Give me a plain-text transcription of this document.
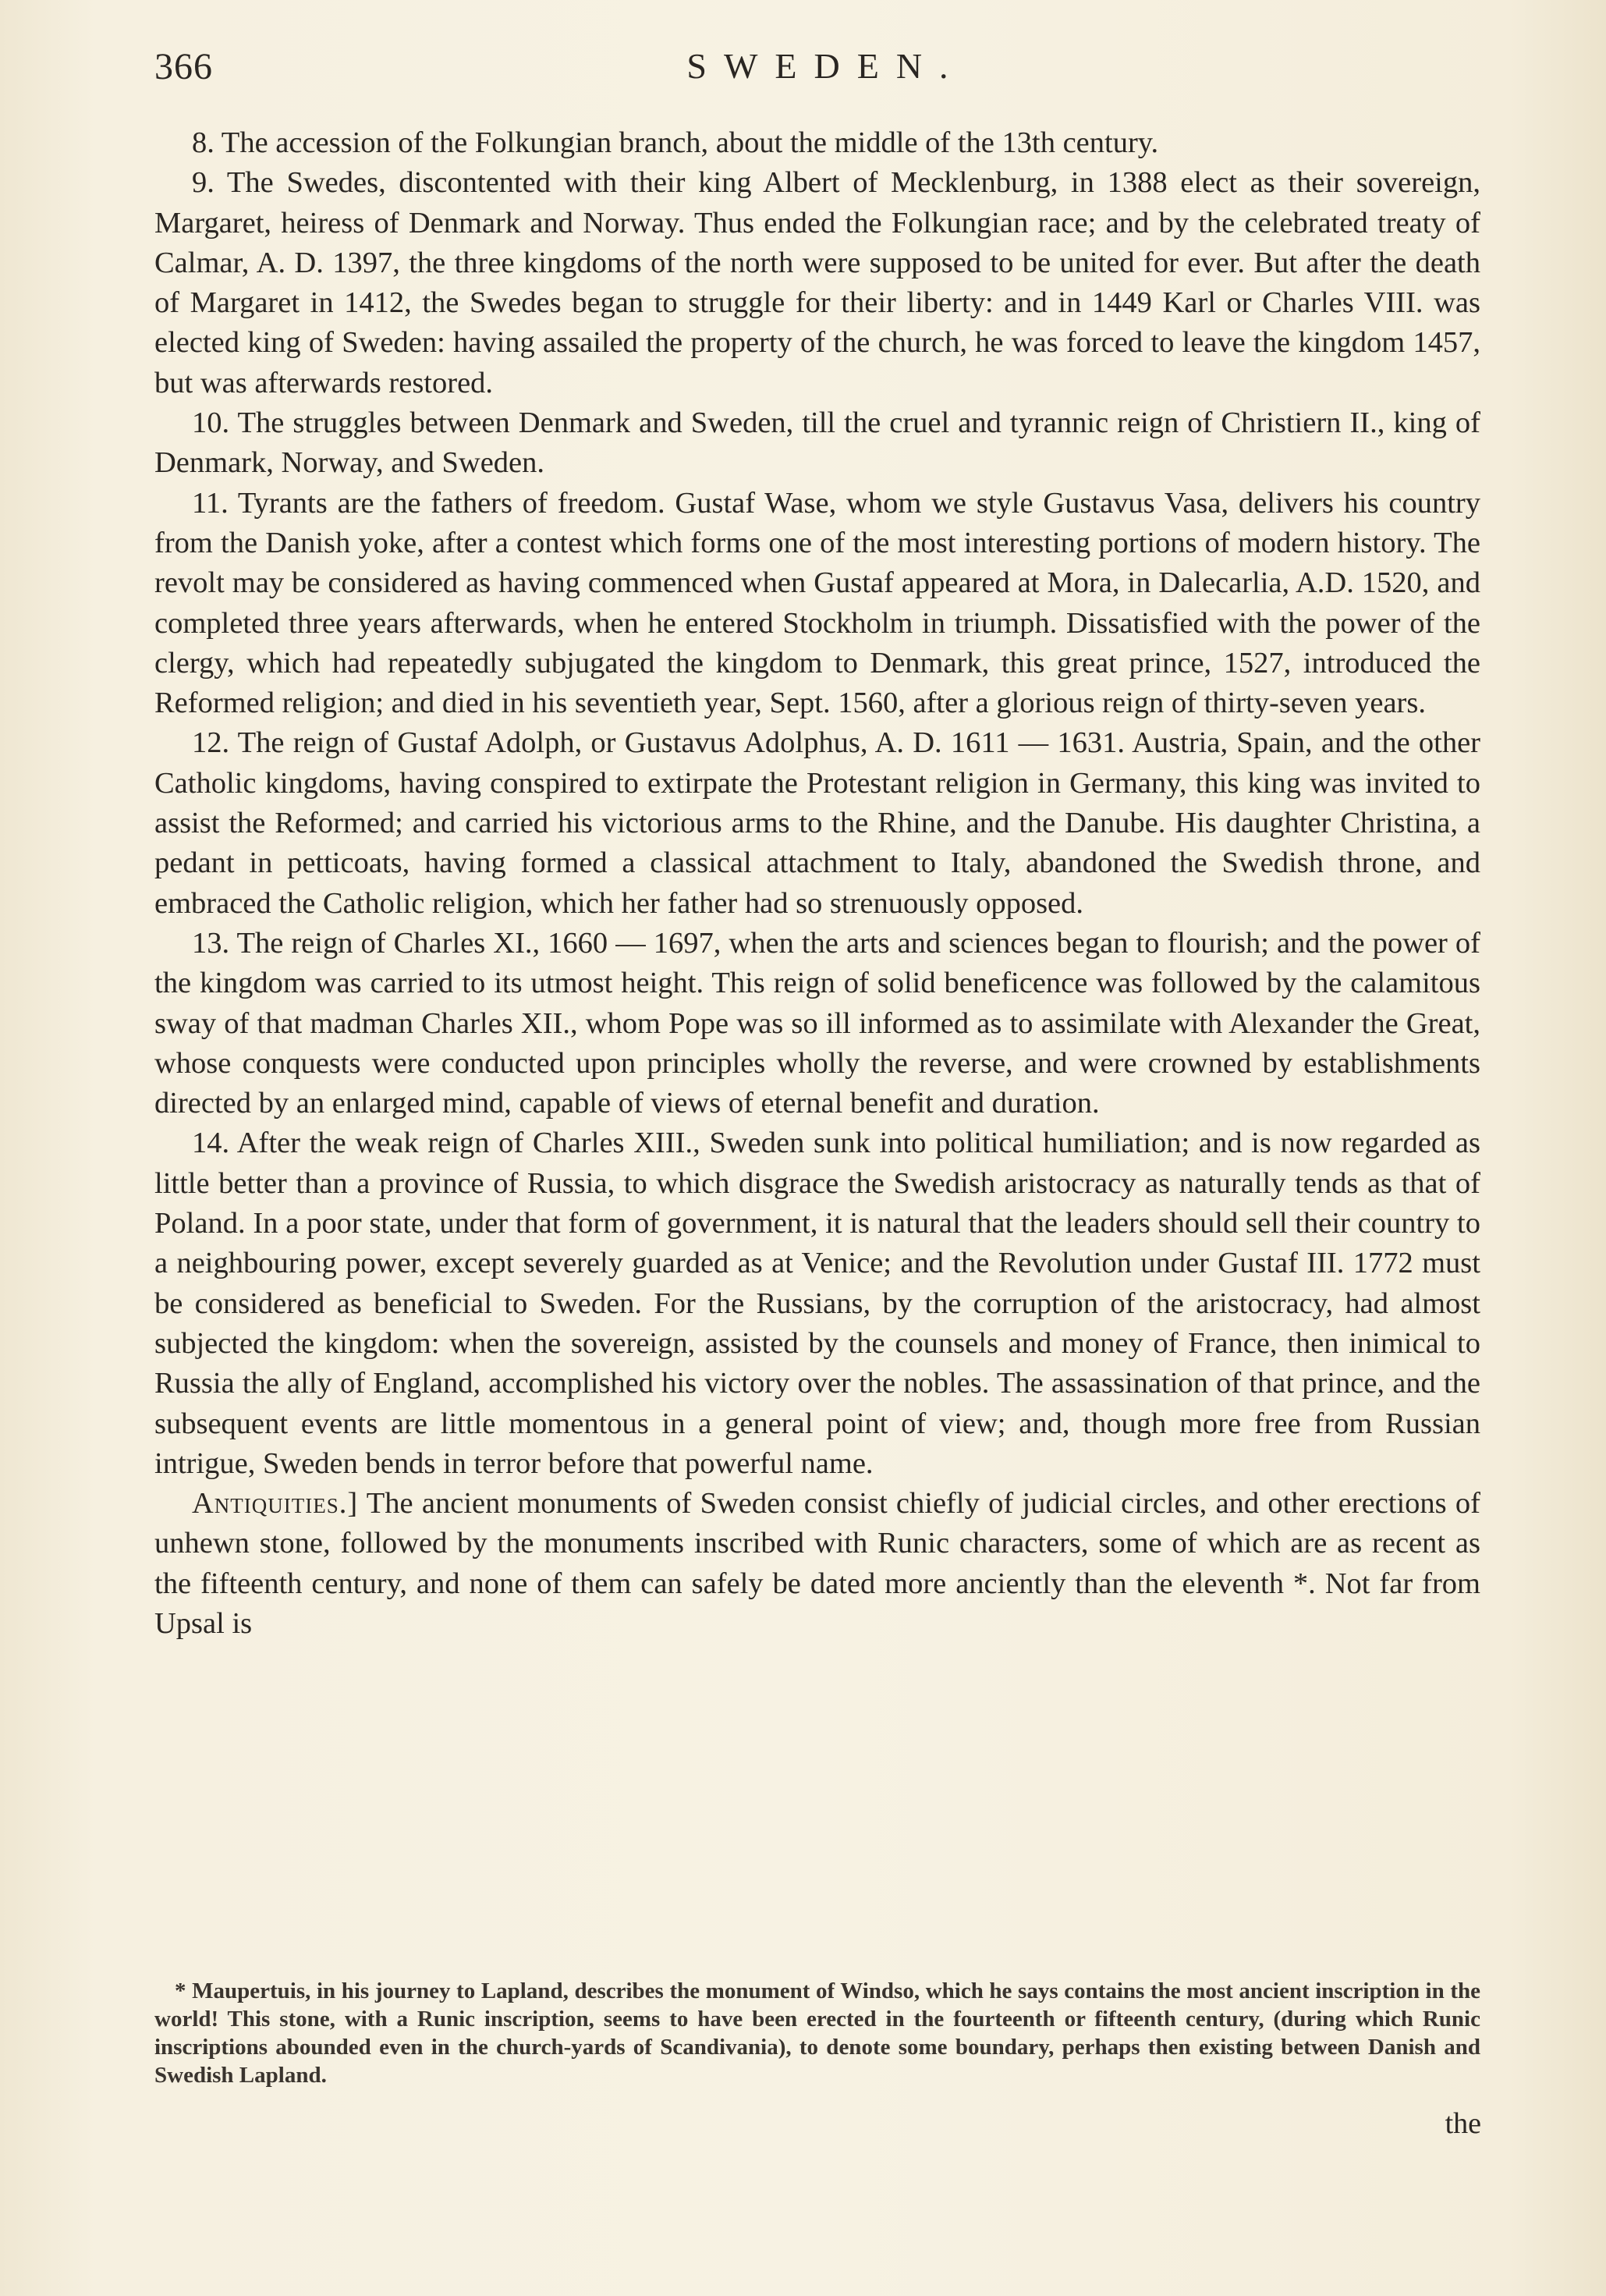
366	SWEDEN.

8. The accession of the Folkungian branch, about the middle of the 13th century.

9. The Swedes, discontented with their king Albert of Mecklenburg, in 1388 elect as their sovereign, Margaret, heiress of Denmark and Norway. Thus ended the Folkungian race; and by the celebrated treaty of Calmar, A. D. 1397, the three kingdoms of the north were supposed to be united for ever. But after the death of Margaret in 1412, the Swedes began to struggle for their liberty: and in 1449 Karl or Charles VIII. was elected king of Sweden: having assailed the property of the church, he was forced to leave the kingdom 1457, but was afterwards restored.

10. The struggles between Denmark and Sweden, till the cruel and tyrannic reign of Christiern II., king of Denmark, Norway, and Sweden.

11. Tyrants are the fathers of freedom. Gustaf Wase, whom we style Gustavus Vasa, delivers his country from the Danish yoke, after a contest which forms one of the most interesting portions of modern history. The revolt may be considered as having commenced when Gustaf appeared at Mora, in Dalecarlia, A.D. 1520, and completed three years afterwards, when he entered Stockholm in triumph. Dissatisfied with the power of the clergy, which had repeatedly subjugated the kingdom to Denmark, this great prince, 1527, introduced the Reformed religion; and died in his seventieth year, Sept. 1560, after a glorious reign of thirty-seven years.

12. The reign of Gustaf Adolph, or Gustavus Adolphus, A. D. 1611 — 1631. Austria, Spain, and the other Catholic kingdoms, having conspired to extirpate the Protestant religion in Germany, this king was invited to assist the Reformed; and carried his victorious arms to the Rhine, and the Danube. His daughter Christina, a pedant in petticoats, having formed a classical attachment to Italy, abandoned the Swedish throne, and embraced the Catholic religion, which her father had so strenuously opposed.

13. The reign of Charles XI., 1660 — 1697, when the arts and sciences began to flourish; and the power of the kingdom was carried to its utmost height. This reign of solid beneficence was followed by the calamitous sway of that madman Charles XII., whom Pope was so ill informed as to assimilate with Alexander the Great, whose conquests were conducted upon principles wholly the reverse, and were crowned by establishments directed by an enlarged mind, capable of views of eternal benefit and duration.

14. After the weak reign of Charles XIII., Sweden sunk into political humiliation; and is now regarded as little better than a province of Russia, to which disgrace the Swedish aristocracy as naturally tends as that of Poland. In a poor state, under that form of government, it is natural that the leaders should sell their country to a neighbouring power, except severely guarded as at Venice; and the Revolution under Gustaf III. 1772 must be considered as beneficial to Sweden. For the Russians, by the corruption of the aristocracy, had almost subjected the kingdom: when the sovereign, assisted by the counsels and money of France, then inimical to Russia the ally of England, accomplished his victory over the nobles. The assassination of that prince, and the subsequent events are little momentous in a general point of view; and, though more free from Russian intrigue, Sweden bends in terror before that powerful name.

Antiquities.] The ancient monuments of Sweden consist chiefly of judicial circles, and other erections of unhewn stone, followed by the monuments inscribed with Runic characters, some of which are as recent as the fifteenth century, and none of them can safely be dated more anciently than the eleventh *. Not far from Upsal is

* Maupertuis, in his journey to Lapland, describes the monument of Windso, which he says contains the most ancient inscription in the world! This stone, with a Runic inscription, seems to have been erected in the fourteenth or fifteenth century, (during which Runic inscriptions abounded even in the church-yards of Scandivania), to denote some boundary, perhaps then existing between Danish and Swedish Lapland.

the
